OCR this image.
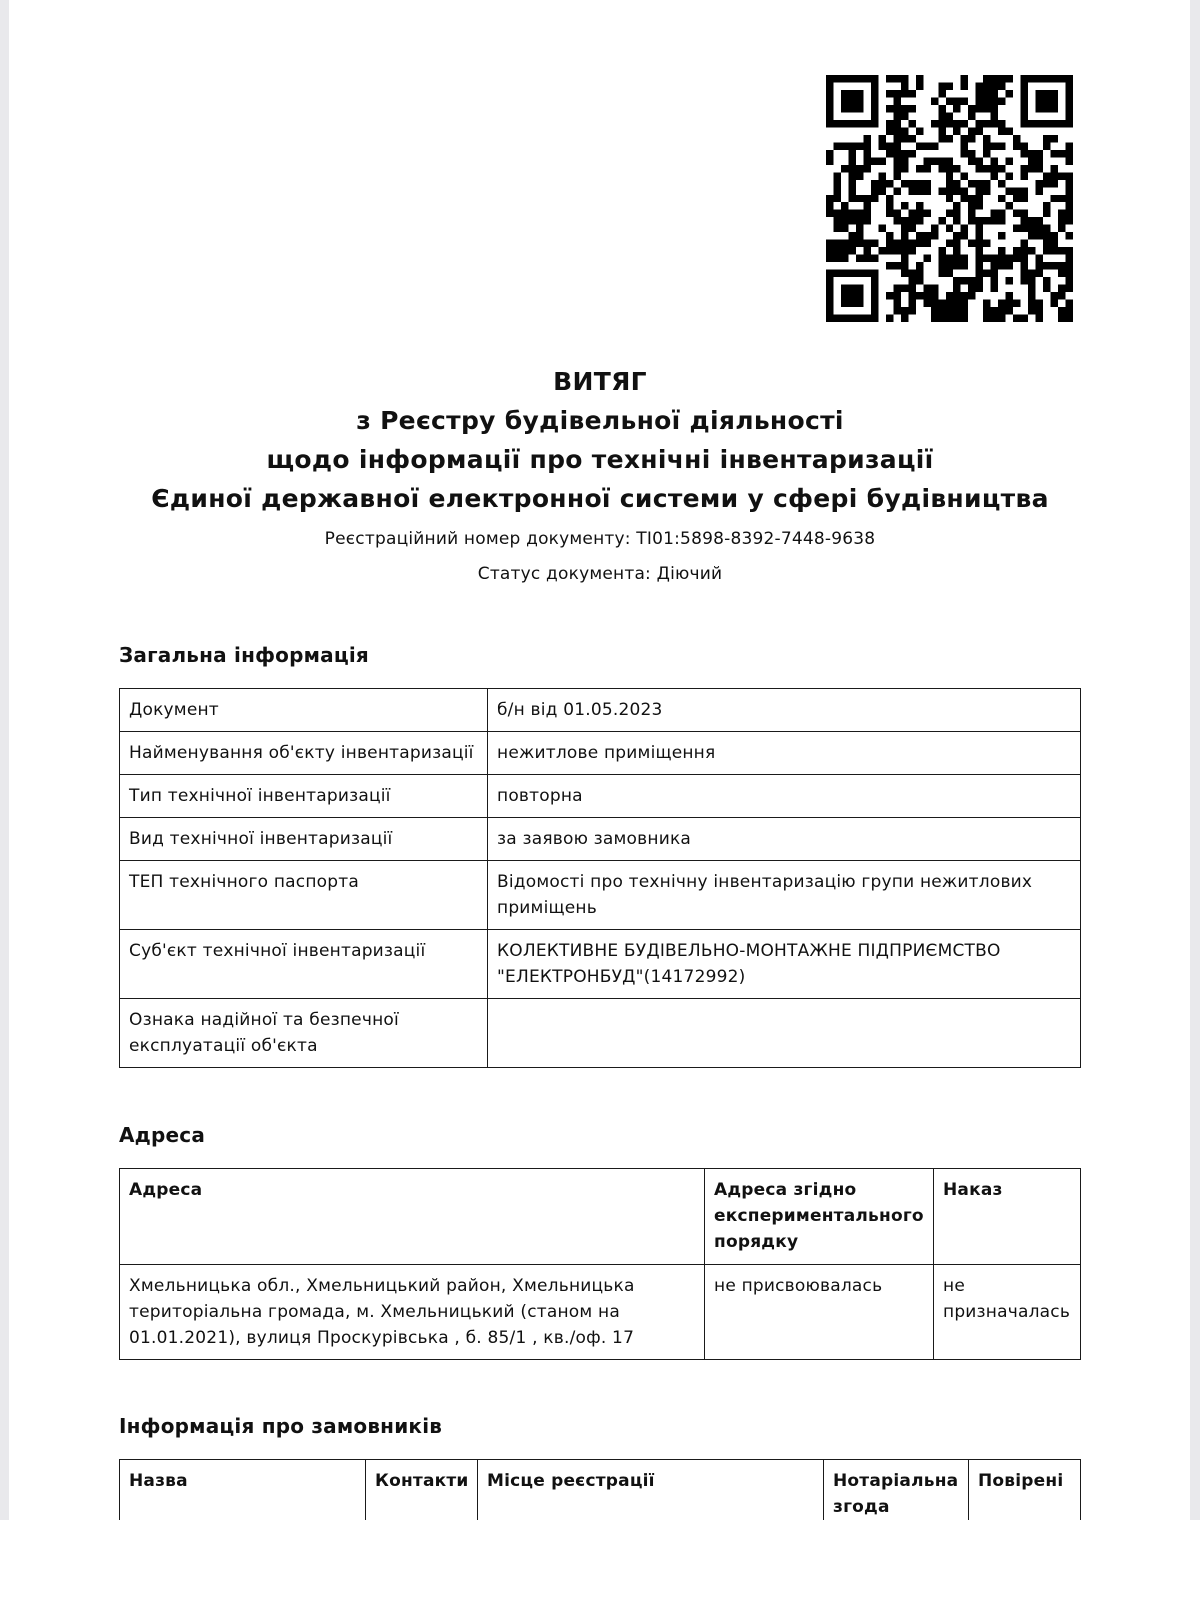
ВИТЯГ
з Реєстру будівельної діяльності
щодо інформації про технічні інвентаризації
Єдиної державної електронної системи у сфері будівництва
Реєстраційний номер документу: ТІ01:5898-8392-7448-9638
Статус документа: Діючий
Загальна інформація
Документ	б/н від 01.05.2023
Найменування об'єкту інвентаризації	нежитлове приміщення
Тип технічної інвентаризації	повторна
Вид технічної інвентаризації	за заявою замовника
ТЕП технічного паспорта	Відомості про технічну інвентаризацію групи нежитлових приміщень
Суб'єкт технічної інвентаризації	КОЛЕКТИВНЕ БУДІВЕЛЬНО-МОНТАЖНЕ ПІДПРИЄМСТВО "ЕЛЕКТРОНБУД"(14172992)
Ознака надійної та безпечної експлуатації об'єкта	
Адреса
Адреса	Адреса згідно експериментального порядку	Наказ
Хмельницька обл., Хмельницький район, Хмельницька територіальна громада, м. Хмельницький (станом на 01.01.2021), вулиця Проскурівська , б. 85/1 , кв./оф. 17	не присвоювалась	не призначалась
Інформація про замовників
Назва	Контакти	Місце реєстрації	Нотаріальна згода	Повірені
